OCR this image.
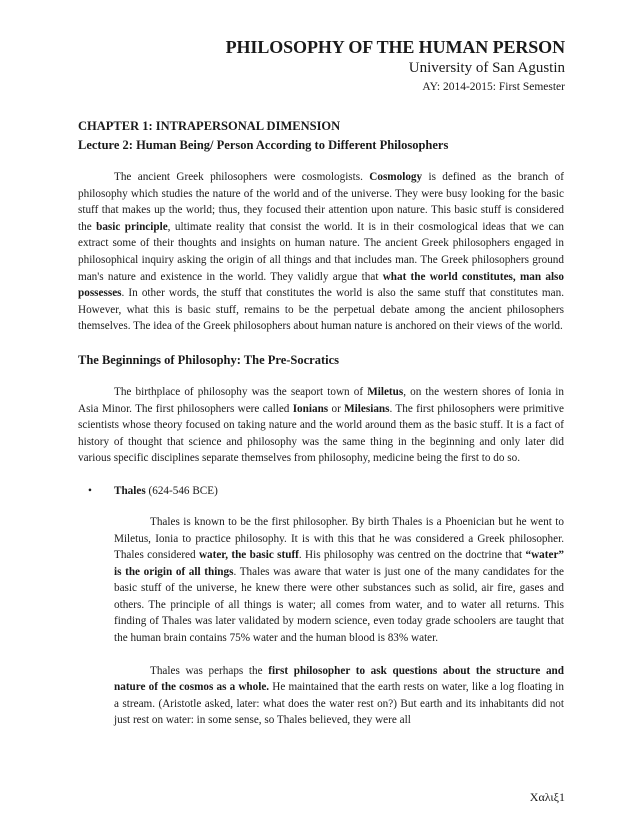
PHILOSOPHY OF THE HUMAN PERSON
University of San Agustin
AY: 2014-2015: First Semester
CHAPTER 1: INTRAPERSONAL DIMENSION
Lecture 2: Human Being/ Person According to Different Philosophers

The ancient Greek philosophers were cosmologists. Cosmology is defined as the branch of philosophy which studies the nature of the world and of the universe. They were busy looking for the basic stuff that makes up the world; thus, they focused their attention upon nature. This basic stuff is considered the basic principle, ultimate reality that consist the world. It is in their cosmological ideas that we can extract some of their thoughts and insights on human nature. The ancient Greek philosophers engaged in philosophical inquiry asking the origin of all things and that includes man. The Greek philosophers ground man's nature and existence in the world. They validly argue that what the world constitutes, man also possesses. In other words, the stuff that constitutes the world is also the same stuff that constitutes man. However, what this is basic stuff, remains to be the perpetual debate among the ancient philosophers themselves. The idea of the Greek philosophers about human nature is anchored on their views of the world.

The Beginnings of Philosophy: The Pre-Socratics

The birthplace of philosophy was the seaport town of Miletus, on the western shores of Ionia in Asia Minor. The first philosophers were called Ionians or Milesians. The first philosophers were primitive scientists whose theory focused on taking nature and the world around them as the basic stuff. It is a fact of history of thought that science and philosophy was the same thing in the beginning and only later did various specific disciplines separate themselves from philosophy, medicine being the first to do so.

• Thales (624-546 BCE)

Thales is known to be the first philosopher. By birth Thales is a Phoenician but he went to Miletus, Ionia to practice philosophy. It is with this that he was considered a Greek philosopher. Thales considered water, the basic stuff. His philosophy was centred on the doctrine that “water” is the origin of all things. Thales was aware that water is just one of the many candidates for the basic stuff of the universe, he knew there were other substances such as solid, air fire, gases and others. The principle of all things is water; all comes from water, and to water all returns. This finding of Thales was later validated by modern science, even today grade schoolers are taught that the human brain contains 75% water and the human blood is 83% water.

Thales was perhaps the first philosopher to ask questions about the structure and nature of the cosmos as a whole. He maintained that the earth rests on water, like a log floating in a stream. (Aristotle asked, later: what does the water rest on?) But earth and its inhabitants did not just rest on water: in some sense, so Thales believed, they were all

Χαλιξ1
